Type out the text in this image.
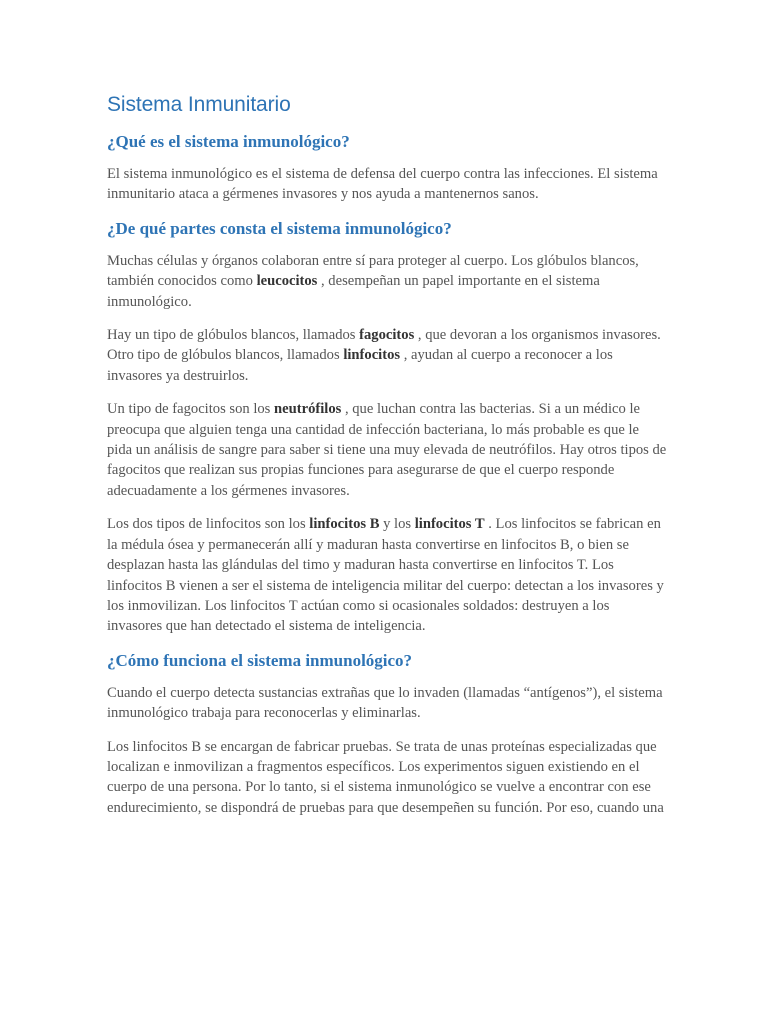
Sistema Inmunitario
¿Qué es el sistema inmunológico?

El sistema inmunológico es el sistema de defensa del cuerpo contra las infecciones. El sistema inmunitario ataca a gérmenes invasores y nos ayuda a mantenernos sanos.

¿De qué partes consta el sistema inmunológico?

Muchas células y órganos colaboran entre sí para proteger al cuerpo. Los glóbulos blancos, también conocidos como leucocitos , desempeñan un papel importante en el sistema inmunológico.

Hay un tipo de glóbulos blancos, llamados fagocitos , que devoran a los organismos invasores. Otro tipo de glóbulos blancos, llamados linfocitos , ayudan al cuerpo a reconocer a los invasores ya destruirlos.

Un tipo de fagocitos son los neutrófilos , que luchan contra las bacterias. Si a un médico le preocupa que alguien tenga una cantidad de infección bacteriana, lo más probable es que le pida un análisis de sangre para saber si tiene una muy elevada de neutrófilos. Hay otros tipos de fagocitos que realizan sus propias funciones para asegurarse de que el cuerpo responde adecuadamente a los gérmenes invasores.

Los dos tipos de linfocitos son los linfocitos B y los linfocitos T . Los linfocitos se fabrican en la médula ósea y permanecerán allí y maduran hasta convertirse en linfocitos B, o bien se desplazan hasta las glándulas del timo y maduran hasta convertirse en linfocitos T. Los linfocitos B vienen a ser el sistema de inteligencia militar del cuerpo: detectan a los invasores y los inmovilizan. Los linfocitos T actúan como si ocasionales soldados: destruyen a los invasores que han detectado el sistema de inteligencia.

¿Cómo funciona el sistema inmunológico?

Cuando el cuerpo detecta sustancias extrañas que lo invaden (llamadas “antígenos”), el sistema inmunológico trabaja para reconocerlas y eliminarlas.

Los linfocitos B se encargan de fabricar pruebas. Se trata de unas proteínas especializadas que localizan e inmovilizan a fragmentos específicos. Los experimentos siguen existiendo en el cuerpo de una persona. Por lo tanto, si el sistema inmunológico se vuelve a encontrar con ese endurecimiento, se dispondrá de pruebas para que desempeñen su función. Por eso, cuando una
